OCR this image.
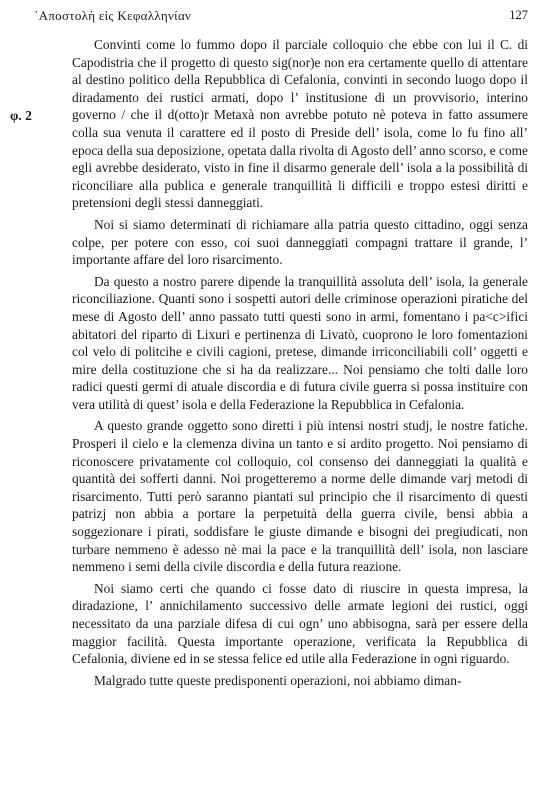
᾿Αποστολὴ εἰς Κεφαλληνίαν	127
φ. 2

Convinti come lo fummo dopo il parciale colloquio che ebbe con lui il C. di Capodistria che il progetto di questo sig(nor)e non era certamente quello di attentare al destino politico della Repubblica di Cefalonia, convinti in secondo luogo dopo il diradamento dei rustici armati, dopo l’ institusione di un provvisorio, interino governo / che il d(otto)r Metaxà non avrebbe potuto nè poteva in fatto assumere colla sua venuta il carattere ed il posto di Preside dell’ isola, come lo fu fino all’ epoca della sua deposizione, opetata dalla rivolta di Agosto dell’ anno scorso, e come egli avrebbe desiderato, visto in fine il disarmo generale dell’ isola a la possibilità di riconciliare alla publica e generale tranquillità li difficili e troppo estesi diritti e pretensioni degli stessi danneggiati.

Noi si siamo determinati di richiamare alla patria questo cittadino, oggi senza colpe, per potere con esso, coi suoi danneggiati compagni trattare il grande, l’ importante affare del loro risarcimento.

Da questo a nostro parere dipende la tranquillità assoluta dell’ isola, la generale riconciliazione. Quanti sono i sospetti autori delle criminose operazioni piratiche del mese di Agosto dell’ anno passato tutti questi sono in armi, fomentano i pa<c>ifici abitatori del riparto di Lixuri e pertinenza di Livatò, cuoprono le loro fomentazioni col velo di politcihe e civili cagioni, pretese, dimande irriconciliabili coll’ oggetti e mire della costituzione che si ha da realizzare... Noi pensiamo che tolti dalle loro radici questi germi di atuale discordia e di futura civile guerra si possa instituire con vera utilità di quest’ isola e della Federazione la Repubblica in Cefalonia.

A questo grande oggetto sono diretti i più intensi nostri studj, le nostre fatiche. Prosperi il cielo e la clemenza divina un tanto e si ardito progetto. Noi pensiamo di riconoscere privatamente col colloquio, col consenso dei danneggiati la qualità e quantità dei sofferti danni. Noi progetteremo a norme delle dimande varj metodi di risarcimento. Tutti però saranno piantati sul principio che il risarcimento di questi patrizj non abbia a portare la perpetuità della guerra civile, bensì abbia a soggezionare i pirati, soddisfare le giuste dimande e bisogni dei pregiudicati, non turbare nemmeno è adesso nè mai la pace e la tranquillità dell’ isola, non lasciare nemmeno i semi della civile discordia e della futura reazione.

Noi siamo certi che quando ci fosse dato di riuscire in questa impresa, la diradazione, l’ annichilamento successivo delle armate legioni dei rustici, oggi necessitato da una parziale difesa di cui ogn’ uno abbisogna, sarà per essere della maggior facilità. Questa importante operazione, verificata la Repubblica di Cefalonia, diviene ed in se stessa felice ed utile alla Federazione in ogni riguardo.

Malgrado tutte queste predisponenti operazioni, noi abbiamo diman-
